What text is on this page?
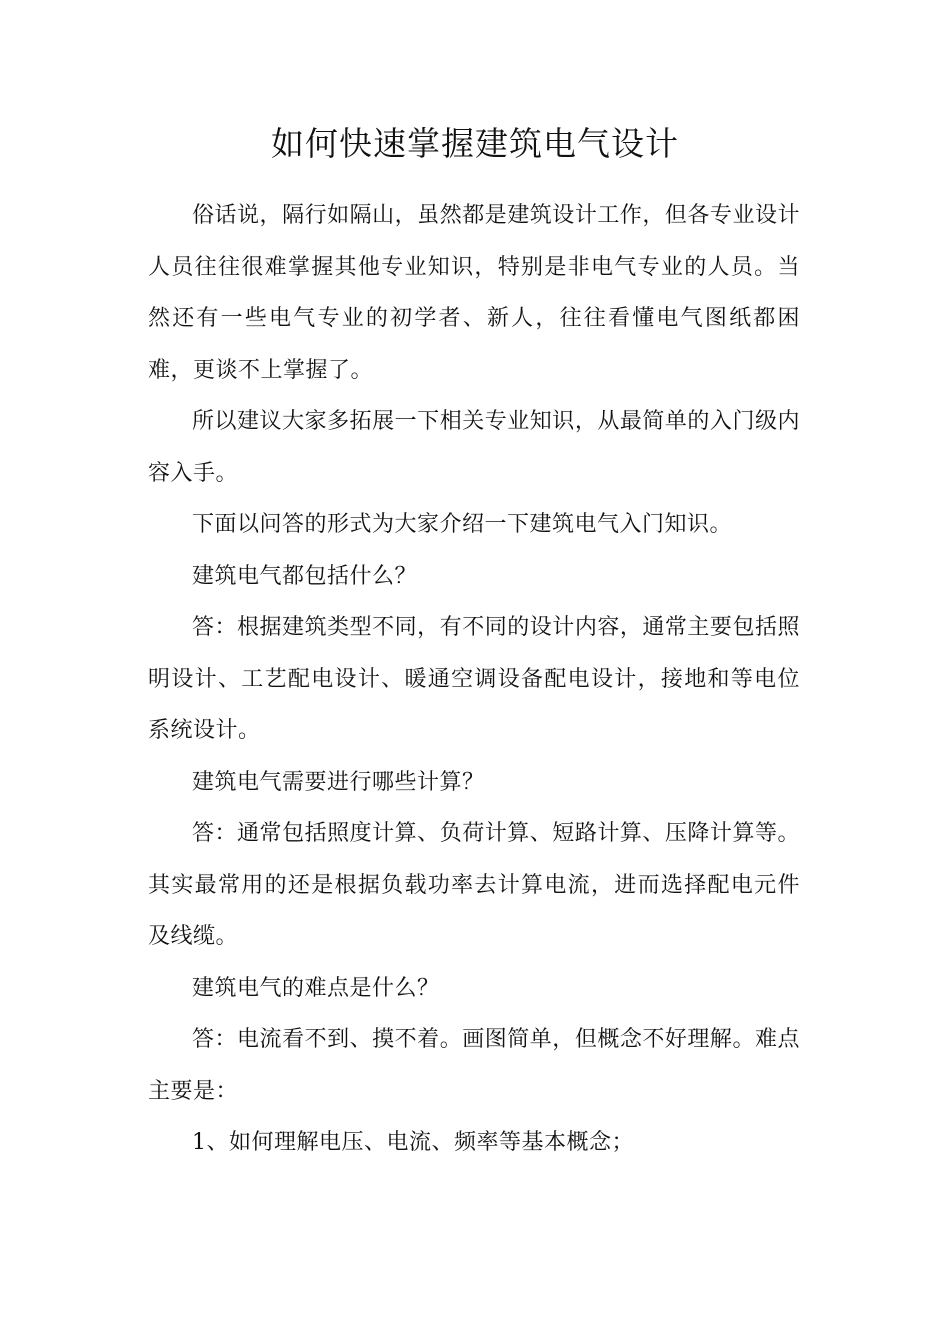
如何快速掌握建筑电气设计

俗话说，隔行如隔山，虽然都是建筑设计工作，但各专业设计人员往往很难掌握其他专业知识，特别是非电气专业的人员。当然还有一些电气专业的初学者、新人，往往看懂电气图纸都困难，更谈不上掌握了。

所以建议大家多拓展一下相关专业知识，从最简单的入门级内容入手。

下面以问答的形式为大家介绍一下建筑电气入门知识。

建筑电气都包括什么？

答：根据建筑类型不同，有不同的设计内容，通常主要包括照明设计、工艺配电设计、暖通空调设备配电设计，接地和等电位系统设计。

建筑电气需要进行哪些计算？

答：通常包括照度计算、负荷计算、短路计算、压降计算等。其实最常用的还是根据负载功率去计算电流，进而选择配电元件及线缆。

建筑电气的难点是什么？

答：电流看不到、摸不着。画图简单，但概念不好理解。难点主要是：

1、如何理解电压、电流、频率等基本概念；
